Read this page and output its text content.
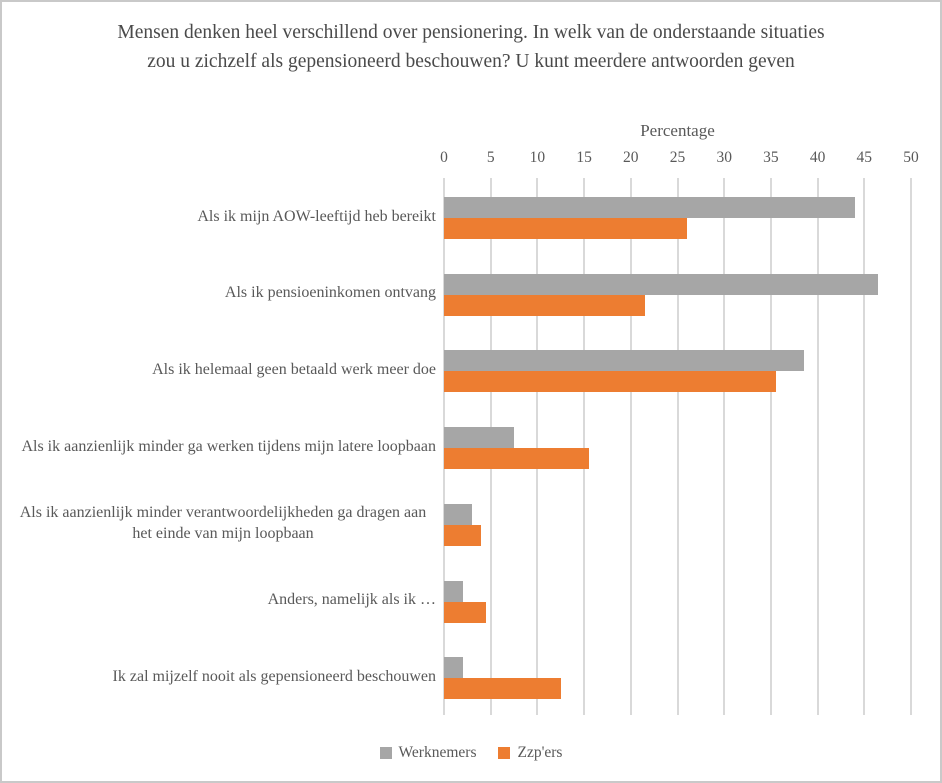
Mensen denken heel verschillend over pensionering. In welk van de onderstaande situaties zou u zichzelf als gepensioneerd beschouwen? U kunt meerdere antwoorden geven
Percentage
0	5 10 15 20 25 30 35 40 45 50
Als ik mijn AOW-leeftijd heb bereikt
Als ik pensioeninkomen ontvang
Als ik helemaal geen betaald werk meer doe
Als ik aanzienlijk minder ga werken tijdens mijn latere loopbaan
Als ik aanzienlijk minder verantwoordelijkheden ga dragen aan het einde van mijn loopbaan
Anders, namelijk als ik …
Ik zal mijzelf nooit als gepensioneerd beschouwen
Werknemers	Zzp'ers
